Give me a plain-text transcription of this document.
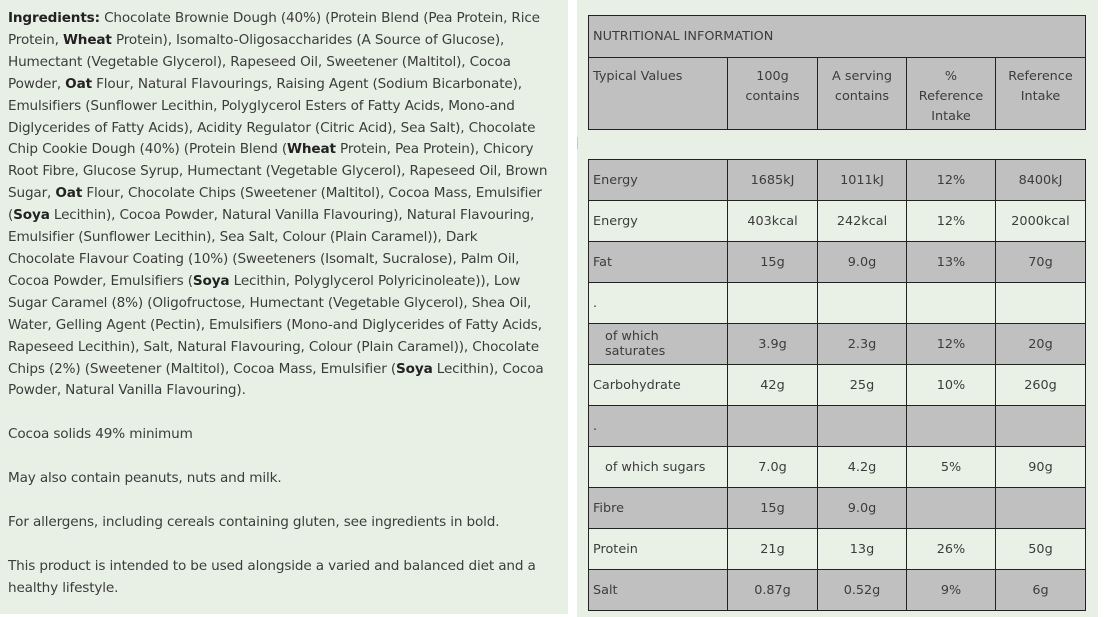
Ingredients: Chocolate Brownie Dough (40%) (Protein Blend (Pea Protein, Rice Protein, Wheat Protein), Isomalto-Oligosaccharides (A Source of Glucose), Humectant (Vegetable Glycerol), Rapeseed Oil, Sweetener (Maltitol), Cocoa Powder, Oat Flour, Natural Flavourings, Raising Agent (Sodium Bicarbonate), Emulsifiers (Sunflower Lecithin, Polyglycerol Esters of Fatty Acids, Mono-and Diglycerides of Fatty Acids), Acidity Regulator (Citric Acid), Sea Salt), Chocolate Chip Cookie Dough (40%) (Protein Blend (Wheat Protein, Pea Protein), Chicory Root Fibre, Glucose Syrup, Humectant (Vegetable Glycerol), Rapeseed Oil, Brown Sugar, Oat Flour, Chocolate Chips (Sweetener (Maltitol), Cocoa Mass, Emulsifier (Soya Lecithin), Cocoa Powder, Natural Vanilla Flavouring), Natural Flavouring, Emulsifier (Sunflower Lecithin), Sea Salt, Colour (Plain Caramel)), Dark Chocolate Flavour Coating (10%) (Sweeteners (Isomalt, Sucralose), Palm Oil, Cocoa Powder, Emulsifiers (Soya Lecithin, Polyglycerol Polyricinoleate)), Low Sugar Caramel (8%) (Oligofructose, Humectant (Vegetable Glycerol), Shea Oil, Water, Gelling Agent (Pectin), Emulsifiers (Mono-and Diglycerides of Fatty Acids, Rapeseed Lecithin), Salt, Natural Flavouring, Colour (Plain Caramel)), Chocolate Chips (2%) (Sweetener (Maltitol), Cocoa Mass, Emulsifier (Soya Lecithin), Cocoa Powder, Natural Vanilla Flavouring).

Cocoa solids 49% minimum

May also contain peanuts, nuts and milk.

For allergens, including cereals containing gluten, see ingredients in bold.

This product is intended to be used alongside a varied and balanced diet and a healthy lifestyle.

NUTRITIONAL INFORMATION
Typical Values	100g contains	A serving contains	% Reference Intake	Reference Intake
Energy	1685kJ	1011kJ	12%	8400kJ
Energy	403kcal	242kcal	12%	2000kcal
Fat	15g	9.0g	13%	70g
.				
of which saturates	3.9g	2.3g	12%	20g
Carbohydrate	42g	25g	10%	260g
.				
of which sugars	7.0g	4.2g	5%	90g
Fibre	15g	9.0g		
Protein	21g	13g	26%	50g
Salt	0.87g	0.52g	9%	6g
